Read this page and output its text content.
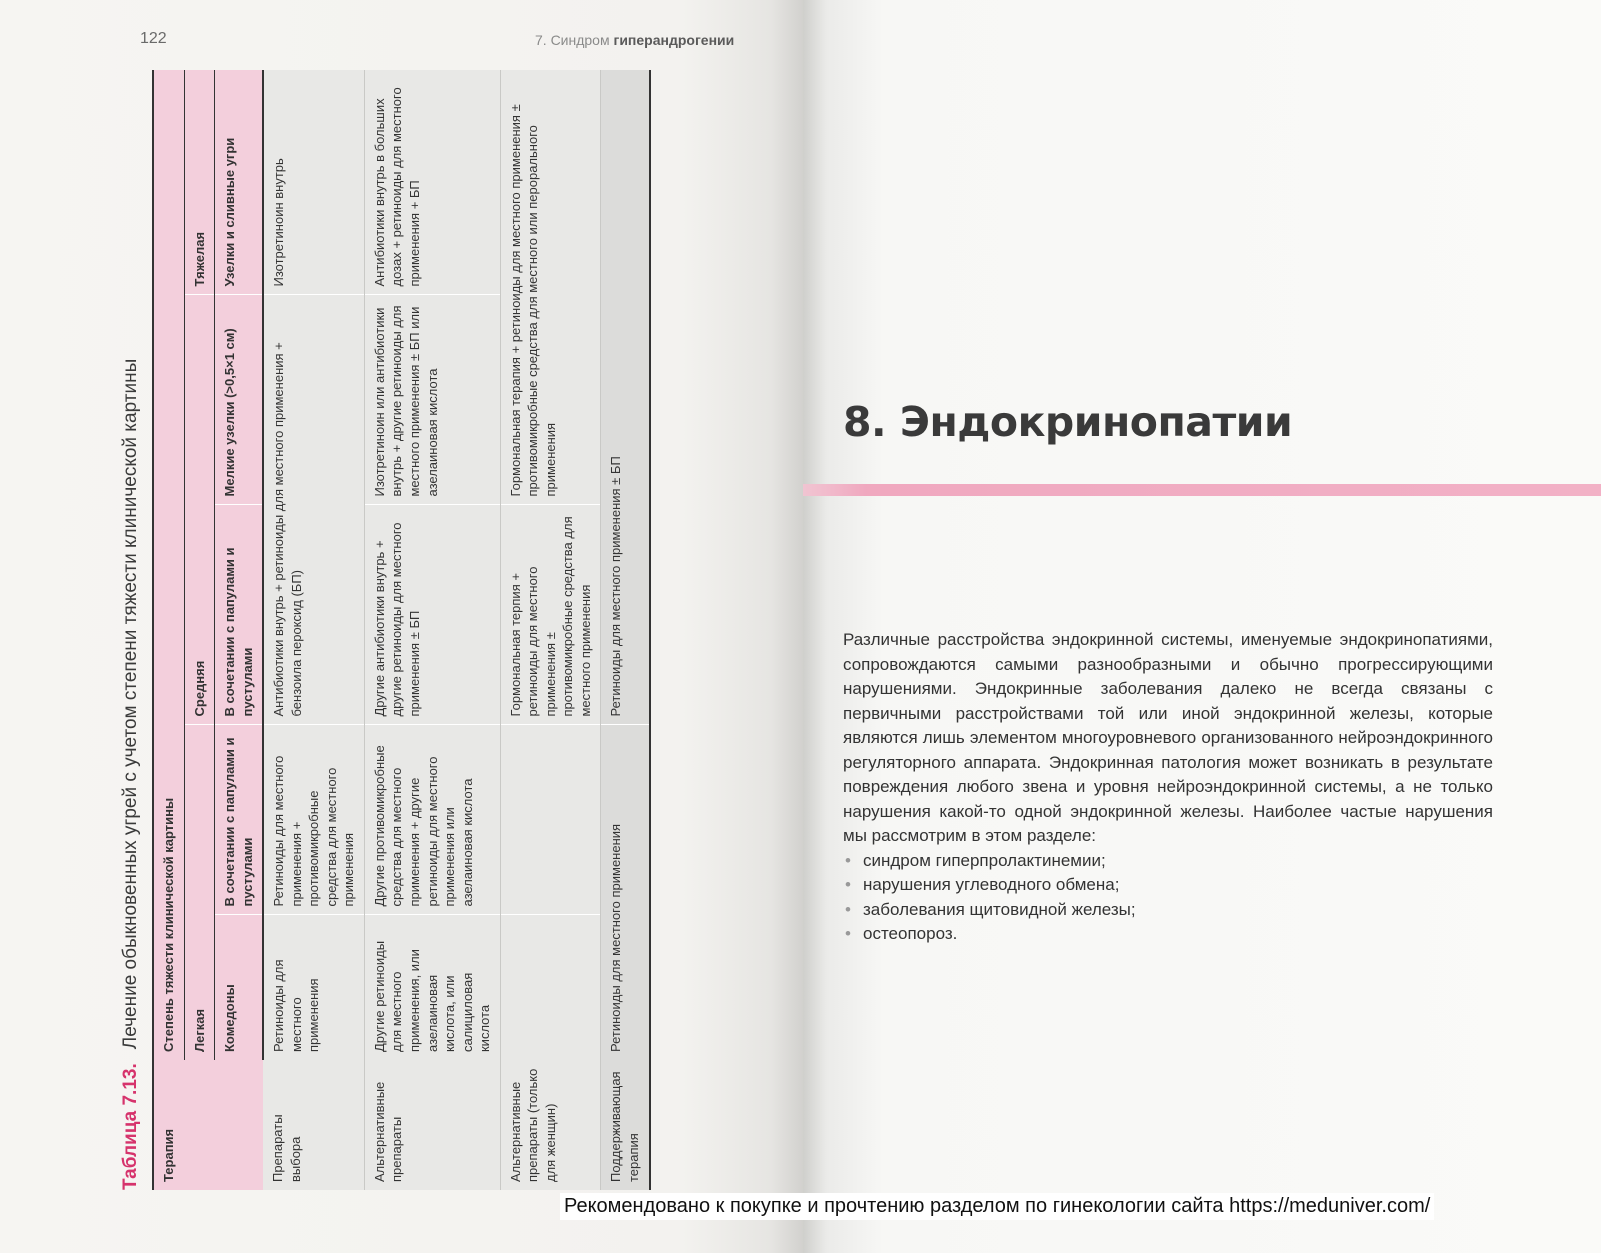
122	7. Синдром гиперандрогении
Таблица 7.13.Лечение обыкновенных угрей с учетом степени тяжести клинической картины
Терапия	Степень тяжести клинической картины				
	Легкая		Средняя		Тяжелая
	Комедоны	В сочетании с папулами и пустулами	В сочетании с папулами и пустулами	Мелкие узелки (>0,5×1 см)	Узелки и сливные угри
Препараты выбора	Ретиноиды для местного применения	Ретиноиды для местного применения + противомикробные средства для местного применения	Антибиотики внутрь + ретиноиды для местного применения + бензоила пероксид (БП)		Изотретиноин внутрь
Альтернативные препараты	Другие ретиноиды для местного применения, или азелаиновая кислота, или салициловая кислота	Другие противомикробные средства для местного применения + другие ретиноиды для местного применения или азелаиновая кислота	Другие антибиотики внутрь + другие ретиноиды для местного применения ± БП	Изотретиноин или антибиотики внутрь + другие ретиноиды для местного применения ± БП или азелаиновая кислота	Антибиотики внутрь в больших дозах + ретиноиды для местного применения + БП
Альтернативные препараты (только для женщин)			Гормональная терпия + ретиноиды для местного применения ± противомикробные средства для местного применения	Гормональная терапия + ретиноиды для местного применения ± противомикробные средства для местного или перорального применения	
Поддерживающая терапия	Ретиноиды для местного применения		Ретиноиды для местного применения ± БП		
8. Эндокринопатии

Различные расстройства эндокринной системы, именуемые эндокринопатиями, сопровождаются самыми разнообразными и обычно прогрессирующими нарушениями. Эндокринные заболевания далеко не всегда связаны с первичными расстройствами той или иной эндокринной железы, которые являются лишь элементом многоуровневого организованного нейроэндокринного регуляторного аппарата. Эндокринная патология может возникать в результате повреждения любого звена и уровня нейроэндокринной системы, а не только нарушения какой-то одной эндокринной железы. Наиболее частые нарушения мы рассмотрим в этом разделе:

• синдром гиперпролактинемии;
• нарушения углеводного обмена;
• заболевания щитовидной железы;
• остеопороз.
Рекомендовано к покупке и прочтению разделом по гинекологии сайта https://meduniver.com/
